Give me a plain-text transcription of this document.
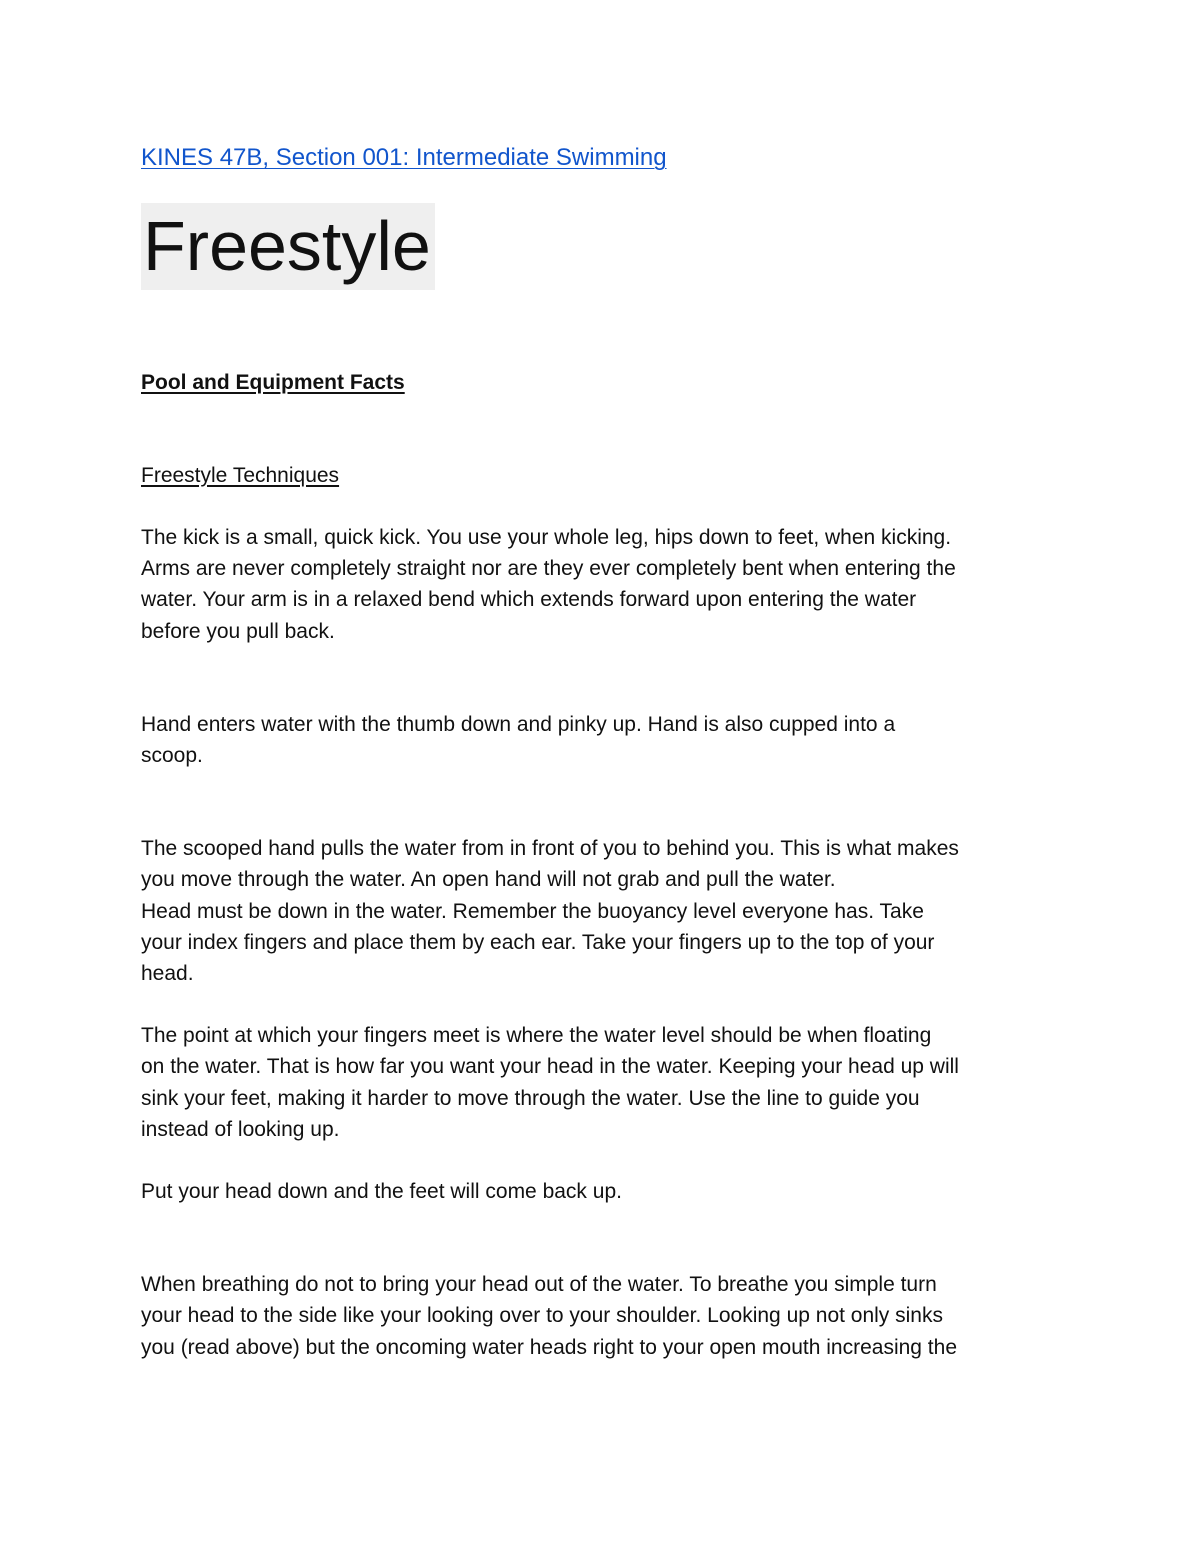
KINES 47B, Section 001: Intermediate Swimming
Freestyle
Pool and Equipment Facts
Freestyle Techniques

The kick is a small, quick kick. You use your whole leg, hips down to feet, when kicking.
Arms are never completely straight nor are they ever completely bent when entering the
water. Your arm is in a relaxed bend which extends forward upon entering the water
before you pull back.

Hand enters water with the thumb down and pinky up. Hand is also cupped into a
scoop.

The scooped hand pulls the water from in front of you to behind you. This is what makes
you move through the water. An open hand will not grab and pull the water.
Head must be down in the water. Remember the buoyancy level everyone has. Take
your index fingers and place them by each ear. Take your fingers up to the top of your
head.

The point at which your fingers meet is where the water level should be when floating
on the water. That is how far you want your head in the water. Keeping your head up will
sink your feet, making it harder to move through the water. Use the line to guide you
instead of looking up.

Put your head down and the feet will come back up.

When breathing do not to bring your head out of the water. To breathe you simple turn
your head to the side like your looking over to your shoulder. Looking up not only sinks
you (read above) but the oncoming water heads right to your open mouth increasing the
